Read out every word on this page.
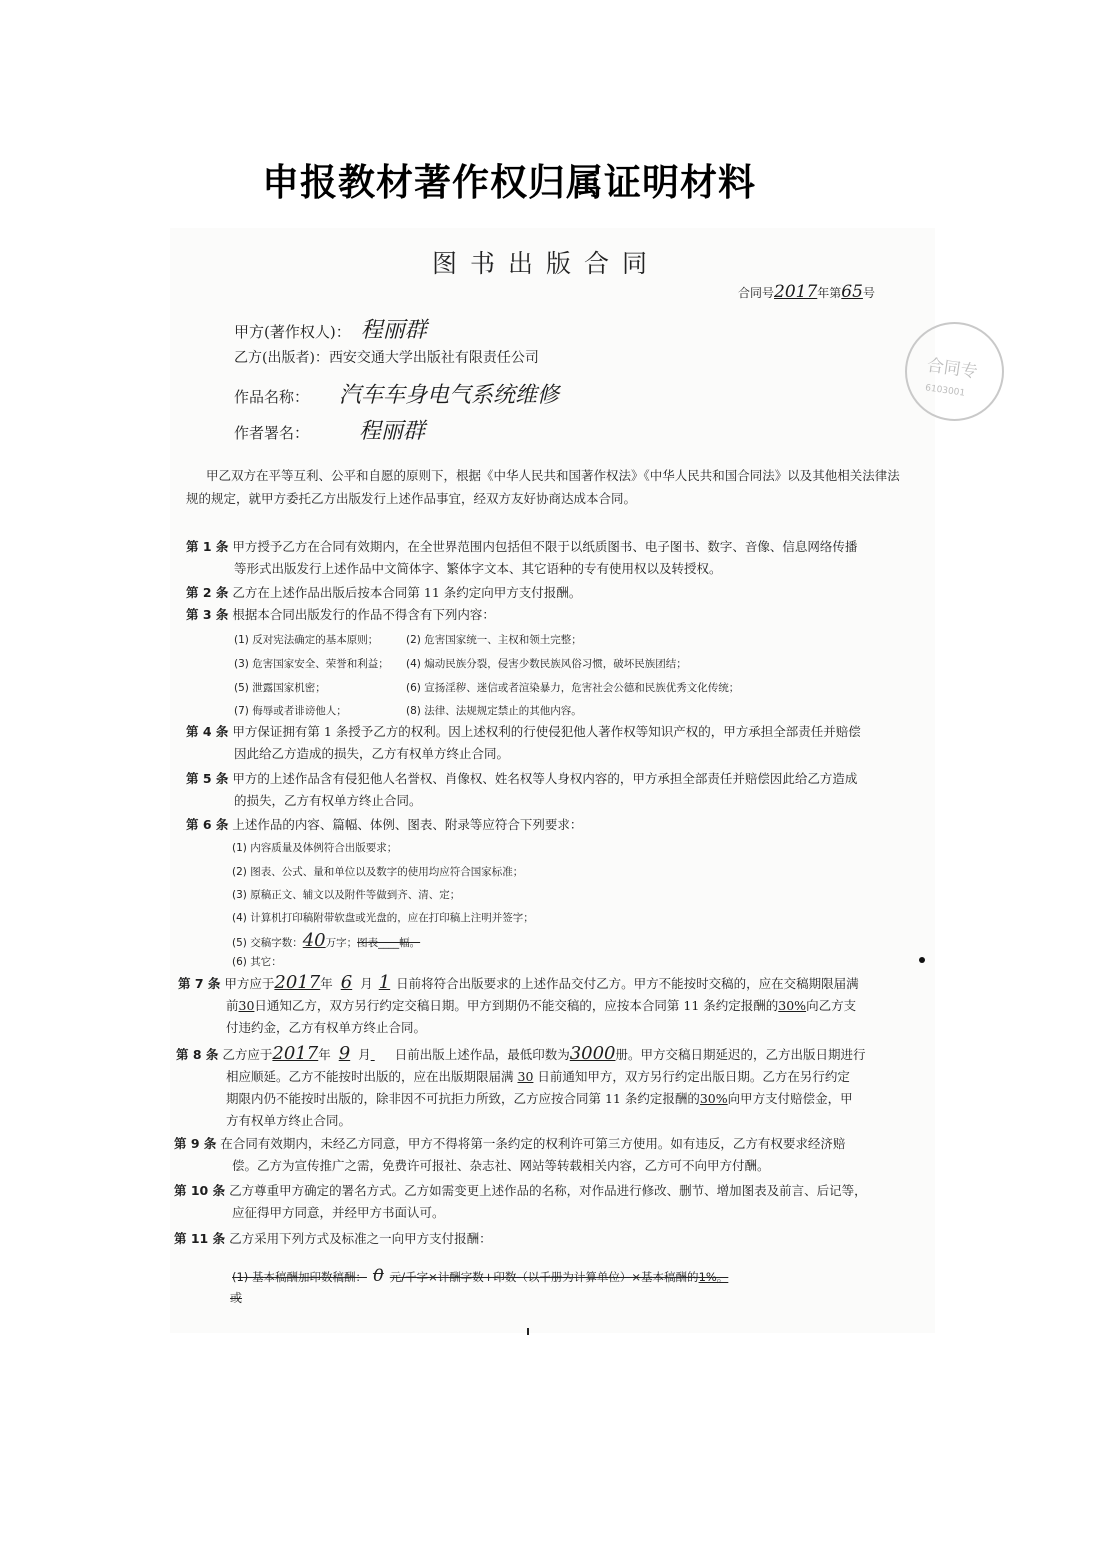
申报教材著作权归属证明材料
图书出版合同
合同号2017年第65号
合同专
6103001
甲方(著作权人)： 程丽群
乙方(出版者)：西安交通大学出版社有限责任公司
作品名称： 汽车车身电气系统维修
作者署名： 程丽群
甲乙双方在平等互利、公平和自愿的原则下，根据《中华人民共和国著作权法》《中华人民共和国合同法》以及其他相关法律法规的规定，就甲方委托乙方出版发行上述作品事宜，经双方友好协商达成本合同。
第 1 条 甲方授予乙方在合同有效期内，在全世界范围内包括但不限于以纸质图书、电子图书、数字、音像、信息网络传播
等形式出版发行上述作品中文简体字、繁体字文本、其它语种的专有使用权以及转授权。
第 2 条 乙方在上述作品出版后按本合同第 11 条约定向甲方支付报酬。
第 3 条 根据本合同出版发行的作品不得含有下列内容：
(1) 反对宪法确定的基本原则；	(2) 危害国家统一、主权和领土完整；
(3) 危害国家安全、荣誉和利益； (4) 煽动民族分裂，侵害少数民族风俗习惯，破坏民族团结；
(5) 泄露国家机密；	(6) 宣扬淫秽、迷信或者渲染暴力，危害社会公德和民族优秀文化传统；
(7) 侮辱或者诽谤他人；	(8) 法律、法规规定禁止的其他内容。
第 4 条 甲方保证拥有第 1 条授予乙方的权利。因上述权利的行使侵犯他人著作权等知识产权的，甲方承担全部责任并赔偿
因此给乙方造成的损失，乙方有权单方终止合同。
第 5 条 甲方的上述作品含有侵犯他人名誉权、肖像权、姓名权等人身权内容的，甲方承担全部责任并赔偿因此给乙方造成
的损失，乙方有权单方终止合同。
第 6 条 上述作品的内容、篇幅、体例、图表、附录等应符合下列要求：
(1) 内容质量及体例符合出版要求；
(2) 图表、公式、量和单位以及数字的使用均应符合国家标准；
(3) 原稿正文、辅文以及附件等做到齐、清、定；
(4) 计算机打印稿附带软盘或光盘的，应在打印稿上注明并签字；
(5) 交稿字数：40万字；图表____幅。
(6) 其它：
第 7 条 甲方应于2017年 6 月 1 日前将符合出版要求的上述作品交付乙方。甲方不能按时交稿的，应在交稿期限届满
前30日通知乙方，双方另行约定交稿日期。甲方到期仍不能交稿的，应按本合同第 11 条约定报酬的30%向乙方支
付违约金，乙方有权单方终止合同。
第 8 条 乙方应于2017年 9 月 日前出版上述作品，最低印数为3000册。甲方交稿日期延迟的，乙方出版日期进行
相应顺延。乙方不能按时出版的，应在出版期限届满 30 日前通知甲方，双方另行约定出版日期。乙方在另行约定
期限内仍不能按时出版的，除非因不可抗拒力所致，乙方应按合同第 11 条约定报酬的30%向甲方支付赔偿金，甲
方有权单方终止合同。
第 9 条 在合同有效期内，未经乙方同意，甲方不得将第一条约定的权利许可第三方使用。如有违反，乙方有权要求经济赔
偿。乙方为宣传推广之需，免费许可报社、杂志社、网站等转载相关内容，乙方可不向甲方付酬。
第 10 条 乙方尊重甲方确定的署名方式。乙方如需变更上述作品的名称，对作品进行修改、删节、增加图表及前言、后记等，
应征得甲方同意，并经甲方书面认可。
第 11 条 乙方采用下列方式及标准之一向甲方支付报酬：
(1) 基本稿酬加印数稿酬： 0 元/千字×计酬字数+印数（以千册为计算单位）×基本稿酬的1%。
或
